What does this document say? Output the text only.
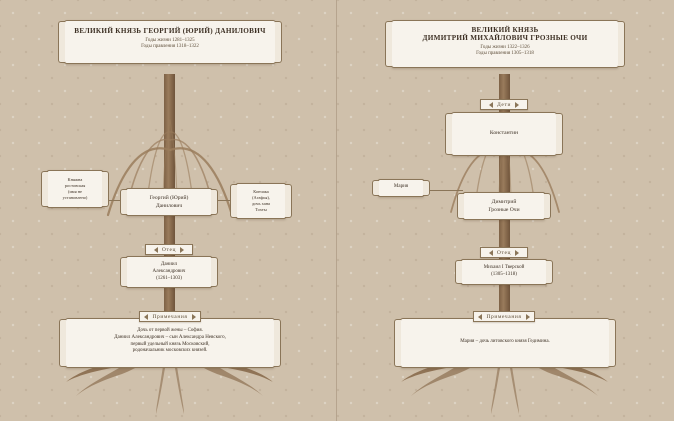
ВЕЛИКИЙ КНЯЗЬ ГЕОРГИЙ (ЮРИЙ) ДАНИЛОВИЧ
Годы жизни 1281–1325
Годы правления 1318–1322
Княжна
ростовская
(имя не
установлено)
Кончака
(Агафья),
дочь хана
Тохты
Георгий (Юрий)
Данилович
Отец
Даниил
Александрович
(1261–1303)
Примечания
Дочь от первой жены – София.
Даниил Александрович – сын Александра Невского,
первый удельный князь Московский,
родоначальник московских князей.
ВЕЛИКИЙ КНЯЗЬ
ДИМИТРИЙ МИХАЙЛОВИЧ ГРОЗНЫЕ ОЧИ
Годы жизни 1322–1326
Годы правления 1305–1318
Дети
Константин
Мария
Димитрий
Грозные Очи
Отец
Михаил I Тверской
(1305–1318)
Примечания
Мария – дочь литовского князя Гедимина.
